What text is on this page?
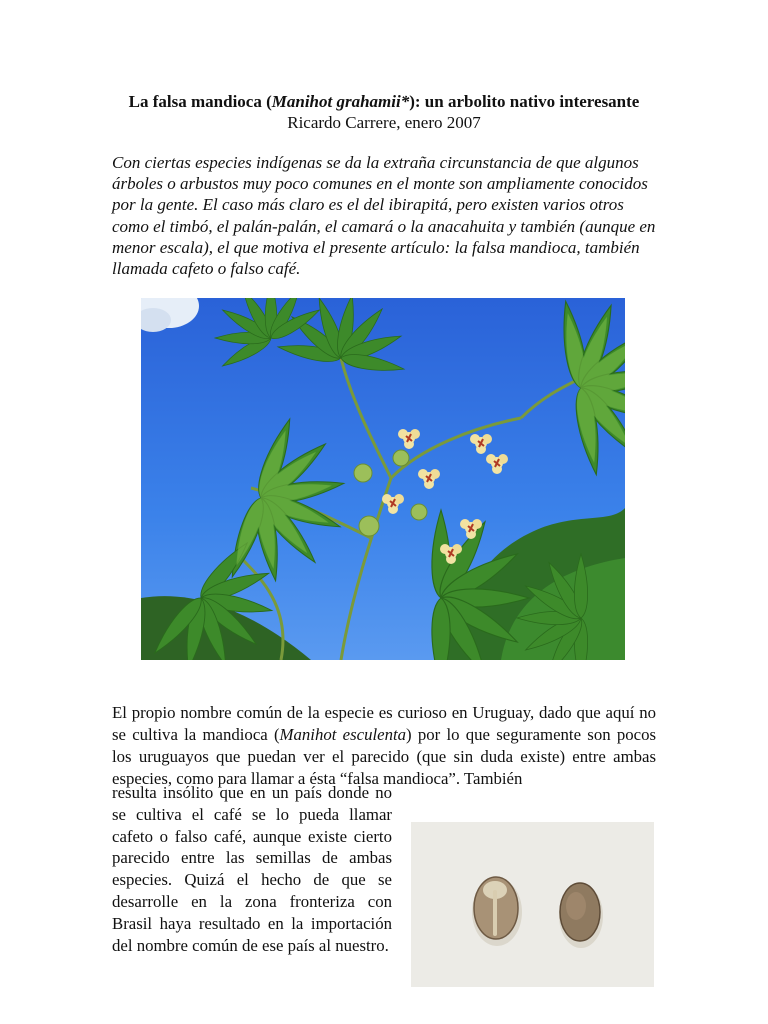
La falsa mandioca (Manihot grahamii*): un arbolito nativo interesante
Ricardo Carrere, enero 2007
Con ciertas especies indígenas se da la extraña circunstancia de que algunos árboles o arbustos muy poco comunes en el monte son ampliamente conocidos por la gente. El caso más claro es el del ibirapitá, pero existen varios otros como el timbó, el palán-palán, el camará o la anacahuita y también (aunque en menor escala), el que motiva el presente artículo: la falsa mandioca, también llamada cafeto o falso café.
El propio nombre común de la especie es curioso en Uruguay, dado que aquí no se cultiva la mandioca (Manihot esculenta) por lo que seguramente son pocos los uruguayos que puedan ver el parecido (que sin duda existe) entre ambas especies, como para llamar a ésta “falsa mandioca”. También
resulta insólito que en un país donde no se cultiva el café se lo pueda llamar cafeto o falso café, aunque existe cierto parecido entre las semillas de ambas especies. Quizá el hecho de que se desarrolle en la zona fronteriza con Brasil haya resultado en la importación del nombre común de ese país al nuestro.
